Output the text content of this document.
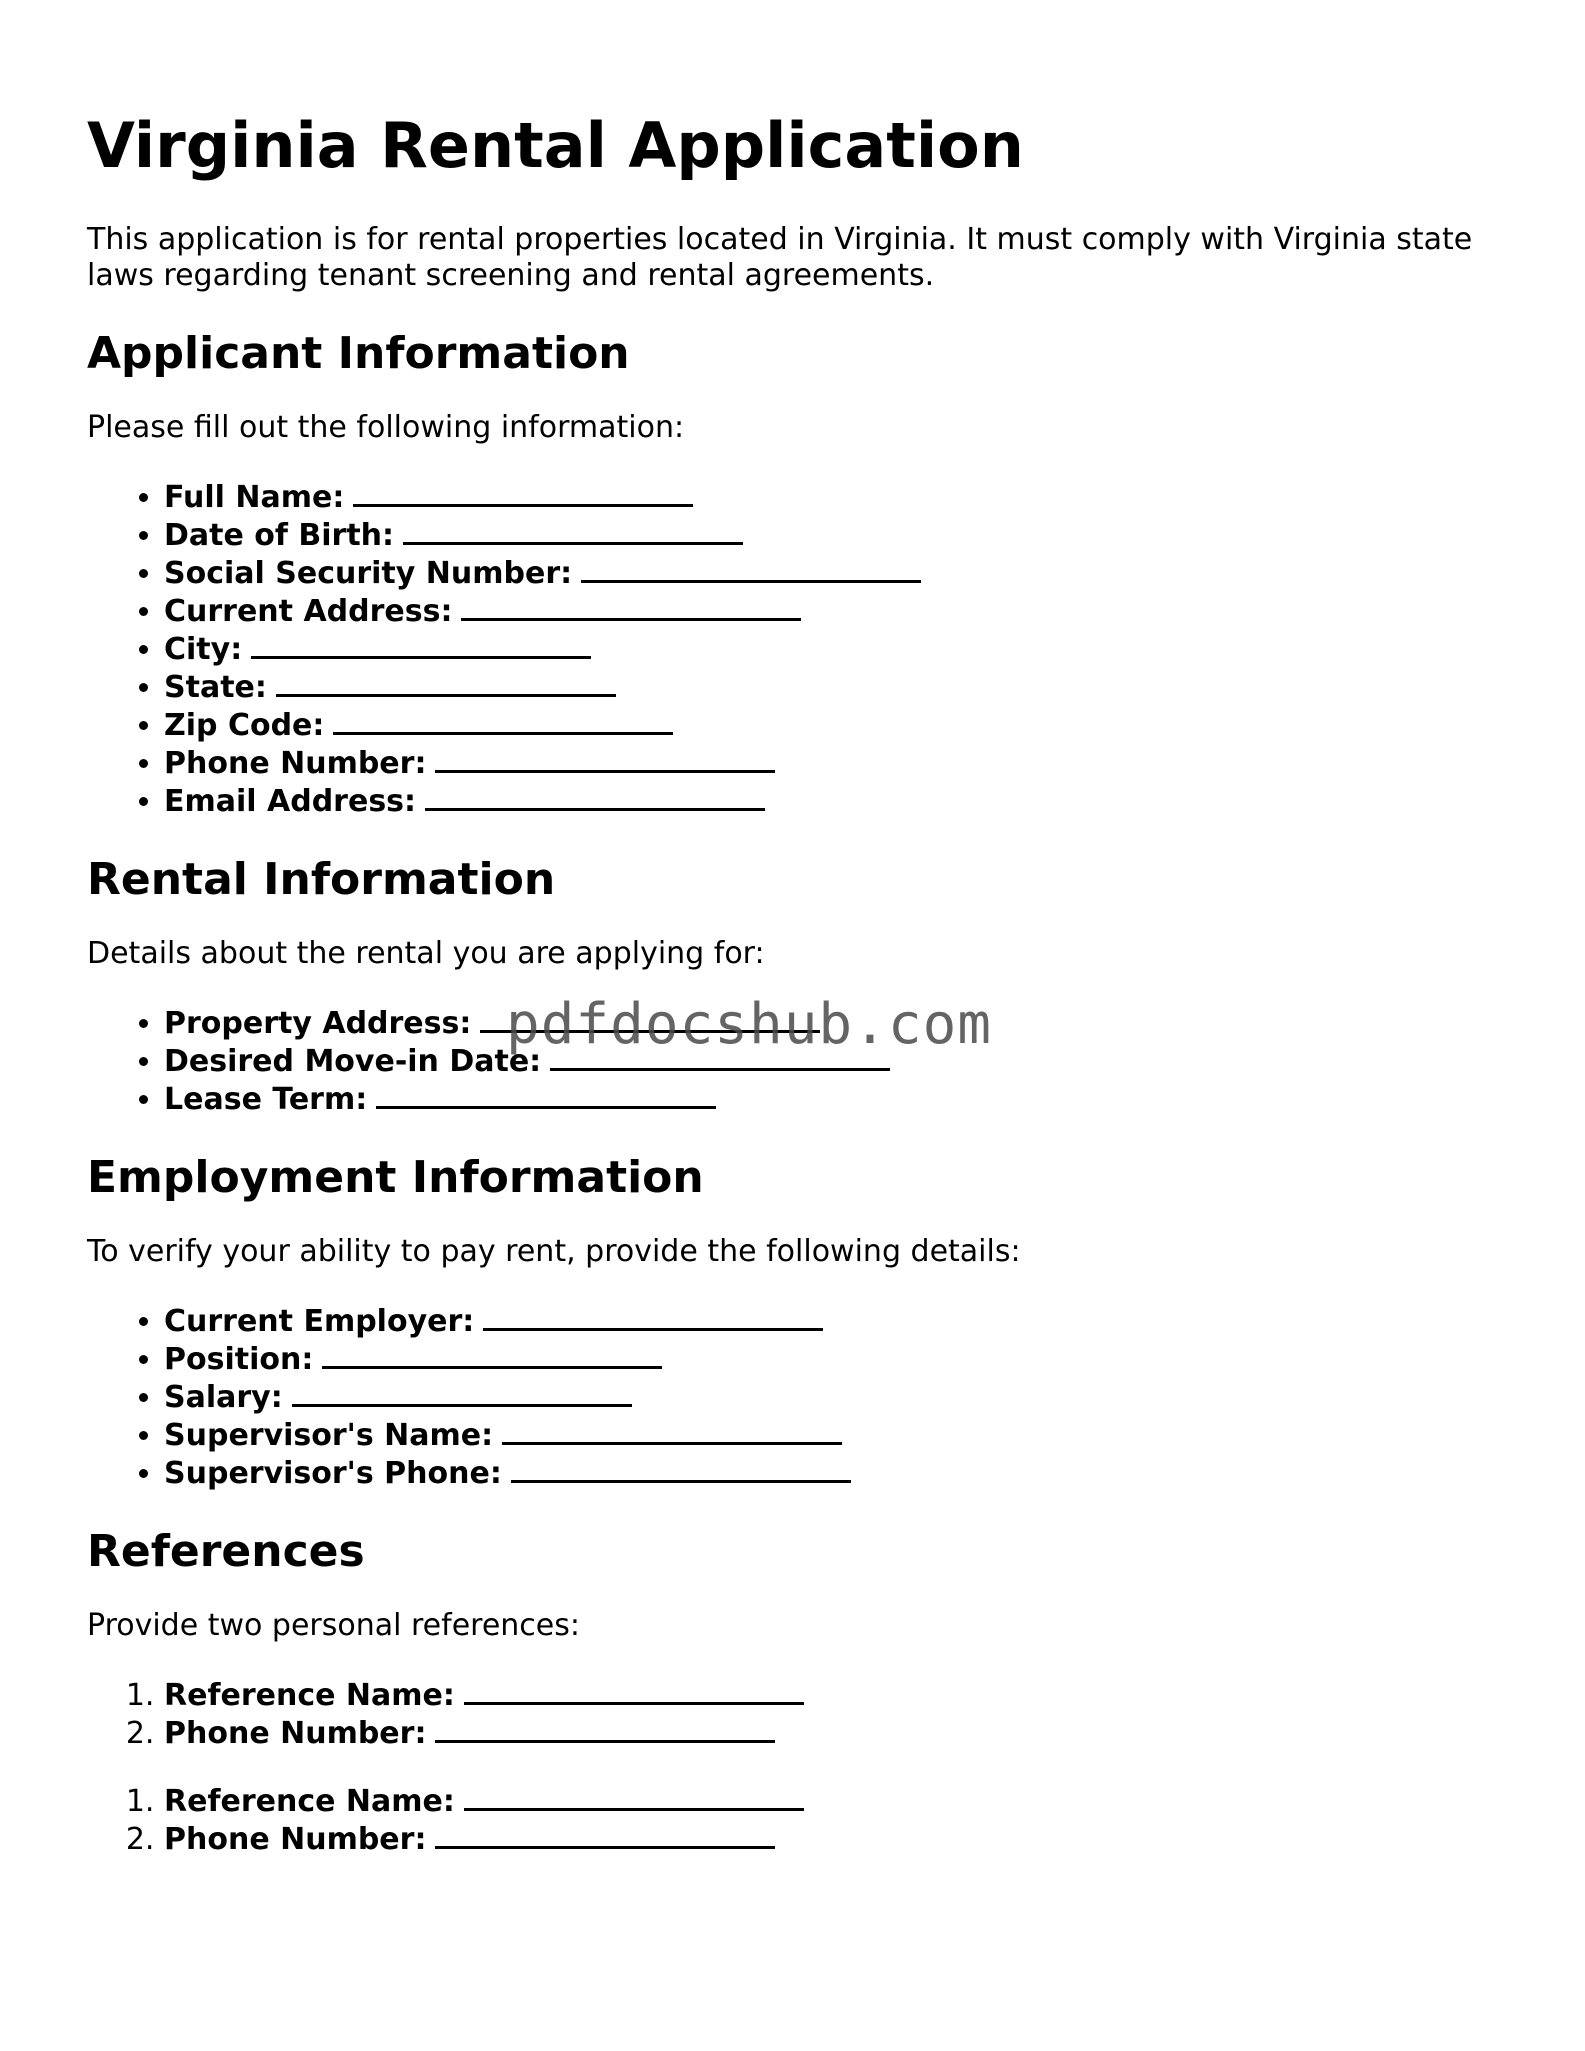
Virginia Rental Application

This application is for rental properties located in Virginia. It must comply with Virginia state laws regarding tenant screening and rental agreements.

Applicant Information

Please fill out the following information:

• Full Name:
• Date of Birth:
• Social Security Number:
• Current Address:
• City:
• State:
• Zip Code:
• Phone Number:
• Email Address:
Rental Information

Details about the rental you are applying for:

• Property Address:
• Desired Move-in Date:
• Lease Term:
Employment Information

To verify your ability to pay rent, provide the following details:

• Current Employer:
• Position:
• Salary:
• Supervisor's Name:
• Supervisor's Phone:
References

Provide two personal references:

1. Reference Name:
2. Phone Number:
1. Reference Name:
2. Phone Number:
pdfdocshub.com
